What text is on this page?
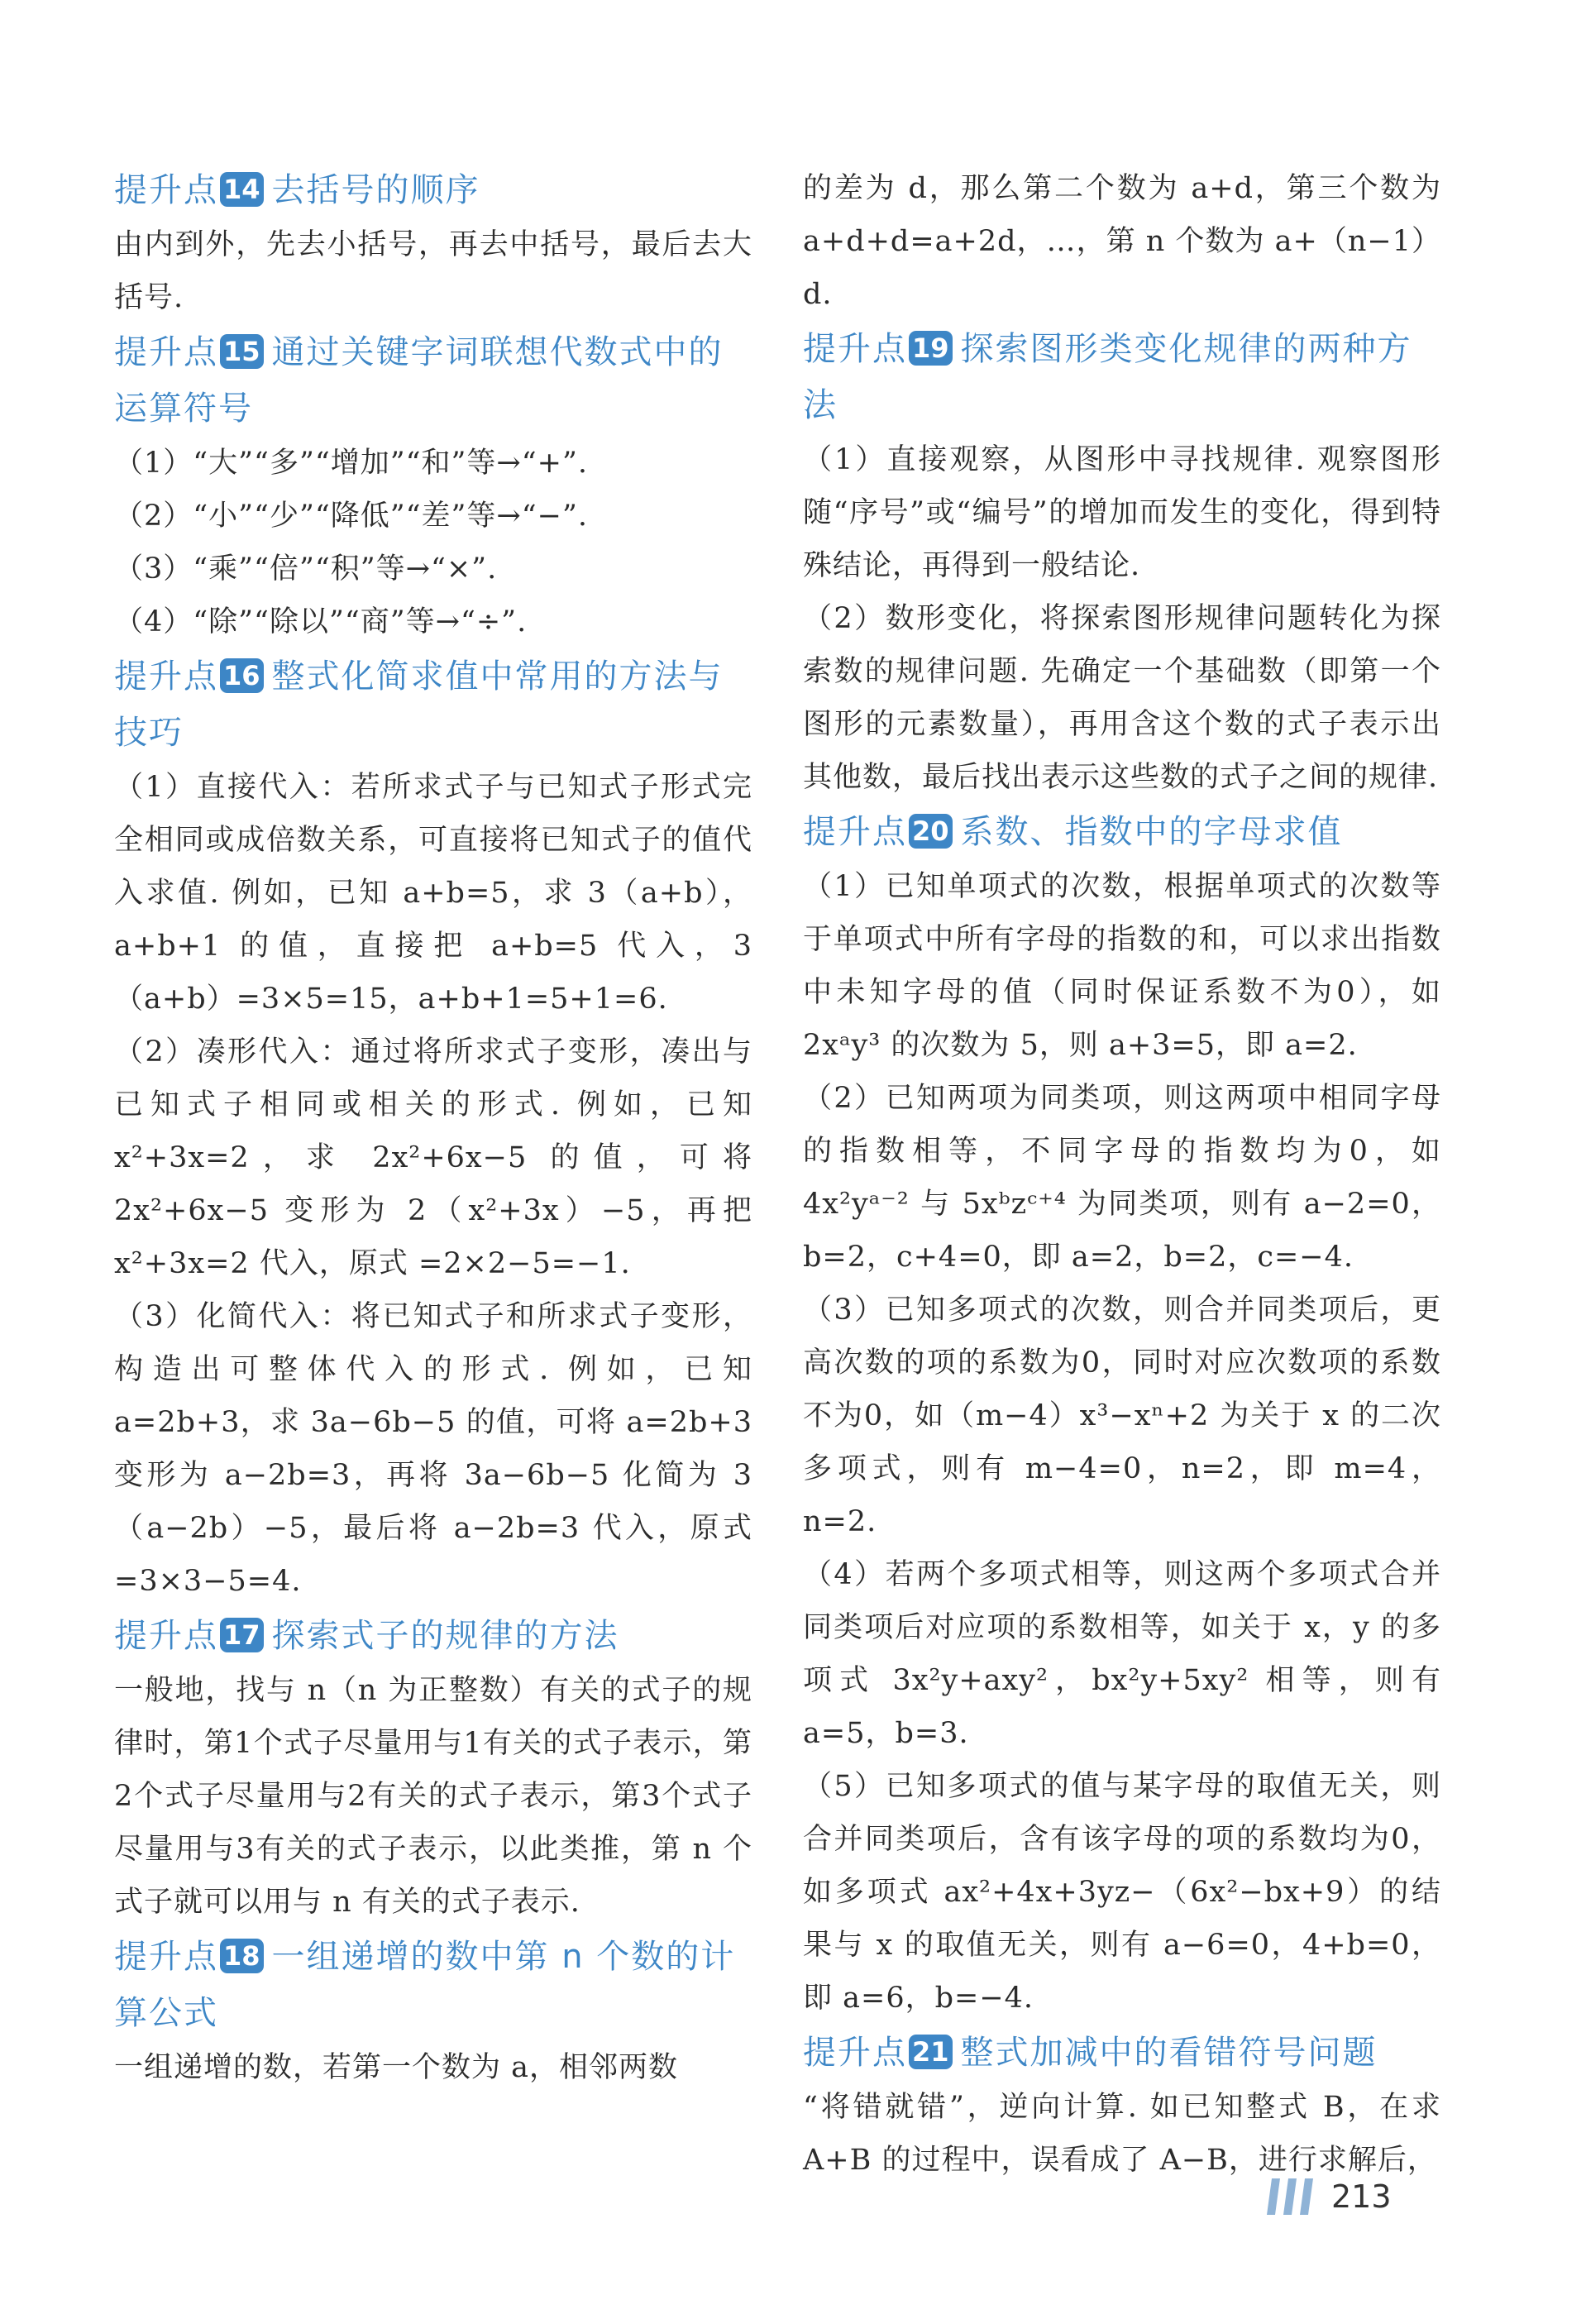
提升点 14 去括号的顺序

由内到外，先去小括号，再去中括号，最后去大括号.

提升点 15 通过关键字词联想代数式中的运算符号

（1）“大”“多”“增加”“和”等→“+”.

（2）“小”“少”“降低”“差”等→“−”.

（3）“乘”“倍”“积”等→“×”.

（4）“除”“除以”“商”等→“÷”.

提升点 16 整式化简求值中常用的方法与技巧

（1）直接代入：若所求式子与已知式子形式完全相同或成倍数关系，可直接将已知式子的值代入求值. 例如，已知 a+b=5，求 3（a+b），a+b+1 的值，直接把 a+b=5 代入，3（a+b）=3×5=15，a+b+1=5+1=6.

（2）凑形代入：通过将所求式子变形，凑出与已知式子相同或相关的形式. 例如，已知 x²+3x=2，求 2x²+6x−5 的值，可将 2x²+6x−5 变形为 2（x²+3x）−5，再把 x²+3x=2 代入，原式 =2×2−5=−1.

（3）化简代入：将已知式子和所求式子变形，构造出可整体代入的形式. 例如，已知 a=2b+3，求 3a−6b−5 的值，可将 a=2b+3 变形为 a−2b=3，再将 3a−6b−5 化简为 3（a−2b）−5，最后将 a−2b=3 代入，原式 =3×3−5=4.

提升点 17 探索式子的规律的方法

一般地，找与 n（n 为正整数）有关的式子的规律时，第1个式子尽量用与1有关的式子表示，第2个式子尽量用与2有关的式子表示，第3个式子尽量用与3有关的式子表示，以此类推，第 n 个式子就可以用与 n 有关的式子表示.

提升点 18 一组递增的数中第 n 个数的计算公式

一组递增的数，若第一个数为 a，相邻两数

的差为 d，那么第二个数为 a+d，第三个数为 a+d+d=a+2d，…，第 n 个数为 a+（n−1）d.

提升点 19 探索图形类变化规律的两种方法

（1）直接观察，从图形中寻找规律. 观察图形随“序号”或“编号”的增加而发生的变化，得到特殊结论，再得到一般结论.

（2）数形变化，将探索图形规律问题转化为探索数的规律问题. 先确定一个基础数（即第一个图形的元素数量），再用含这个数的式子表示出其他数，最后找出表示这些数的式子之间的规律.

提升点 20 系数、指数中的字母求值

（1）已知单项式的次数，根据单项式的次数等于单项式中所有字母的指数的和，可以求出指数中未知字母的值（同时保证系数不为0），如 2xᵃy³ 的次数为 5，则 a+3=5，即 a=2.

（2）已知两项为同类项，则这两项中相同字母的指数相等，不同字母的指数均为0，如 4x²yᵃ⁻² 与 5xᵇzᶜ⁺⁴ 为同类项，则有 a−2=0，b=2，c+4=0，即 a=2，b=2，c=−4.

（3）已知多项式的次数，则合并同类项后，更高次数的项的系数为0，同时对应次数项的系数不为0，如（m−4）x³−xⁿ+2 为关于 x 的二次多项式，则有 m−4=0，n=2，即 m=4，n=2.

（4）若两个多项式相等，则这两个多项式合并同类项后对应项的系数相等，如关于 x，y 的多项式 3x²y+axy²，bx²y+5xy² 相等，则有 a=5，b=3.

（5）已知多项式的值与某字母的取值无关，则合并同类项后，含有该字母的项的系数均为0，如多项式 ax²+4x+3yz−（6x²−bx+9）的结果与 x 的取值无关，则有 a−6=0，4+b=0，即 a=6，b=−4.

提升点 21 整式加减中的看错符号问题

“将错就错”，逆向计算. 如已知整式 B，在求 A+B 的过程中，误看成了 A−B，进行求解后，

213
